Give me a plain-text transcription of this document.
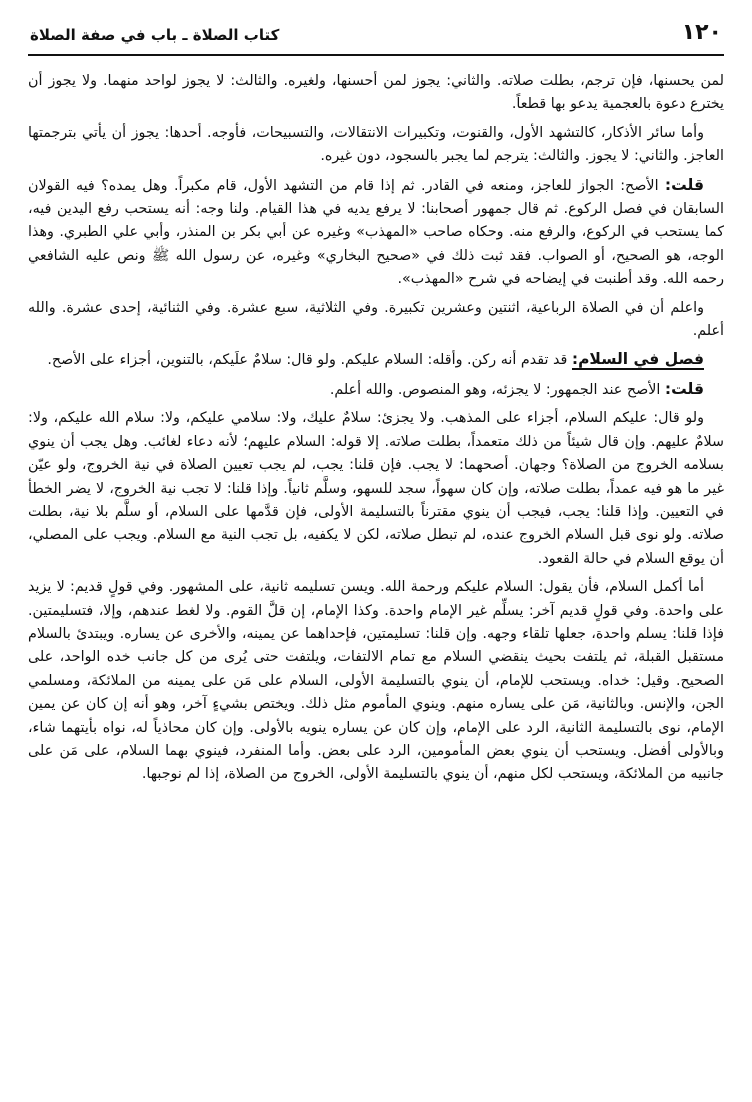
١٢٠
كتاب الصلاة ـ باب في صفة الصلاة

لمن يحسنها، فإن ترجم، بطلت صلاته. والثاني: يجوز لمن أحسنها، ولغيره. والثالث: لا يجوز لواحد منهما. ولا يجوز أن يخترع دعوة بالعجمية يدعو بها قطعاً.

وأما سائر الأذكار، كالتشهد الأول، والقنوت، وتكبيرات الانتقالات، والتسبيحات، فأوجه. أحدها: يجوز أن يأتي بترجمتها العاجز. والثاني: لا يجوز. والثالث: يترجم لما يجبر بالسجود، دون غيره.

قلت: الأصح: الجواز للعاجز، ومنعه في القادر. ثم إذا قام من التشهد الأول، قام مكبراً. وهل يمده؟ فيه القولان السابقان في فصل الركوع. ثم قال جمهور أصحابنا: لا يرفع يديه في هذا القيام. ولنا وجه: أنه يستحب رفع اليدين فيه، كما يستحب في الركوع، والرفع منه. وحكاه صاحب «المهذب» وغيره عن أبي بكر بن المنذر، وأبي علي الطبري. وهذا الوجه، هو الصحيح، أو الصواب. فقد ثبت ذلك في «صحيح البخاري» وغيره، عن رسول الله ﷺ ونص عليه الشافعي رحمه الله. وقد أطنبت في إيضاحه في شرح «المهذب».

واعلم أن في الصلاة الرباعية، اثنتين وعشرين تكبيرة. وفي الثلاثية، سبع عشرة. وفي الثنائية، إحدى عشرة. والله أعلم.

فصل في السلام: قد تقدم أنه ركن. وأقله: السلام عليكم. ولو قال: سلامٌ علَيكم، بالتنوين، أجزاء على الأصح.

قلت: الأصح عند الجمهور: لا يجزئه، وهو المنصوص. والله أعلم.

ولو قال: عليكم السلام، أجزاء على المذهب. ولا يجزئ: سلامٌ عليك، ولا: سلامي عليكم، ولا: سلام الله عليكم، ولا: سلامٌ عليهم. وإن قال شيئاً من ذلك متعمداً، بطلت صلاته. إلا قوله: السلام عليهم؛ لأنه دعاء لغائب. وهل يجب أن ينوي بسلامه الخروج من الصلاة؟ وجهان. أصحهما: لا يجب. فإن قلنا: يجب، لم يجب تعيين الصلاة في نية الخروج، ولو عيّن غير ما هو فيه عمداً، بطلت صلاته، وإن كان سهواً، سجد للسهو، وسلَّم ثانياً. وإذا قلنا: لا تجب نية الخروج، لا يضر الخطأ في التعيين. وإذا قلنا: يجب، فيجب أن ينوي مقترناً بالتسليمة الأولى، فإن قدَّمها على السلام، أو سلَّم بلا نية، بطلت صلاته. ولو نوى قبل السلام الخروج عنده، لم تبطل صلاته، لكن لا يكفيه، بل تجب النية مع السلام. ويجب على المصلي، أن يوقع السلام في حالة القعود.

أما أكمل السلام، فأن يقول: السلام عليكم ورحمة الله. ويسن تسليمه ثانية، على المشهور. وفي قولٍ قديم: لا يزيد على واحدة. وفي قولٍ قديم آخر: يسلِّم غير الإمام واحدة. وكذا الإمام، إن قلَّ القوم. ولا لغط عندهم، وإلا، فتسليمتين. فإذا قلنا: يسلم واحدة، جعلها تلقاء وجهه. وإن قلنا: تسليمتين، فإحداهما عن يمينه، والأخرى عن يساره. ويبتدئ بالسلام مستقبل القبلة، ثم يلتفت بحيث ينقضي السلام مع تمام الالتفات، ويلتفت حتى يُرى من كل جانب خده الواحد، على الصحيح. وقيل: خداه. ويستحب للإمام، أن ينوي بالتسليمة الأولى، السلام على مَن على يمينه من الملائكة، ومسلمي الجن، والإنس. وبالثانية، مَن على يساره منهم. وينوي المأموم مثل ذلك. ويختص بشيءٍ آخر، وهو أنه إن كان عن يمين الإمام، نوى بالتسليمة الثانية، الرد على الإمام، وإن كان عن يساره ينويه بالأولى. وإن كان محاذياً له، نواه بأيتهما شاء، وبالأولى أفضل. ويستحب أن ينوي بعض المأمومين، الرد على بعض. وأما المنفرد، فينوي بهما السلام، على مَن على جانبيه من الملائكة، ويستحب لكل منهم، أن ينوي بالتسليمة الأولى، الخروج من الصلاة، إذا لم نوجبها.
